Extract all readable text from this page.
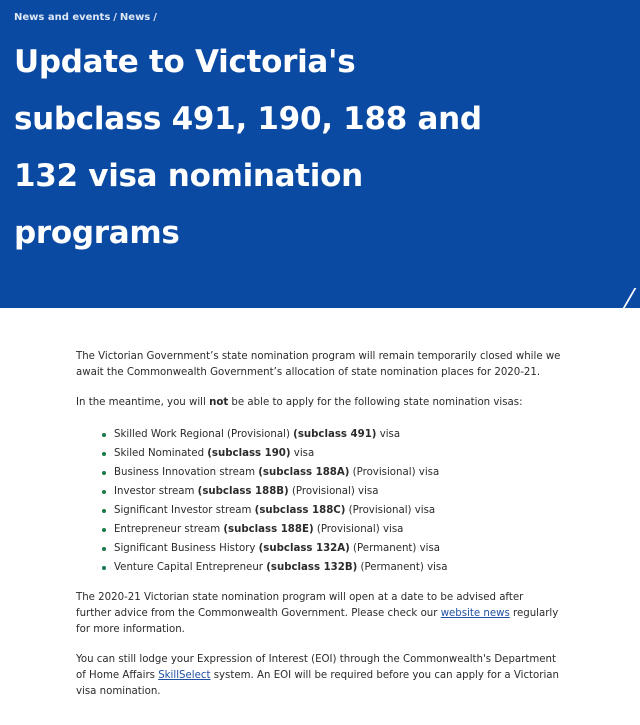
News and events / News /
Update to Victoria's subclass 491, 190, 188 and 132 visa nomination programs

The Victorian Government’s state nomination program will remain temporarily closed while we await the Commonwealth Government’s allocation of state nomination places for 2020-21.

In the meantime, you will not be able to apply for the following state nomination visas:

Skilled Work Regional (Provisional) (subclass 491) visa
Skiled Nominated (subclass 190) visa
Business Innovation stream (subclass 188A) (Provisional) visa
Investor stream (subclass 188B) (Provisional) visa
Significant Investor stream (subclass 188C) (Provisional) visa
Entrepreneur stream (subclass 188E) (Provisional) visa
Significant Business History (subclass 132A) (Permanent) visa
Venture Capital Entrepreneur (subclass 132B) (Permanent) visa

The 2020-21 Victorian state nomination program will open at a date to be advised after further advice from the Commonwealth Government. Please check our website news regularly for more information.

You can still lodge your Expression of Interest (EOI) through the Commonwealth's Department of Home Affairs SkillSelect system. An EOI will be required before you can apply for a Victorian visa nomination.
